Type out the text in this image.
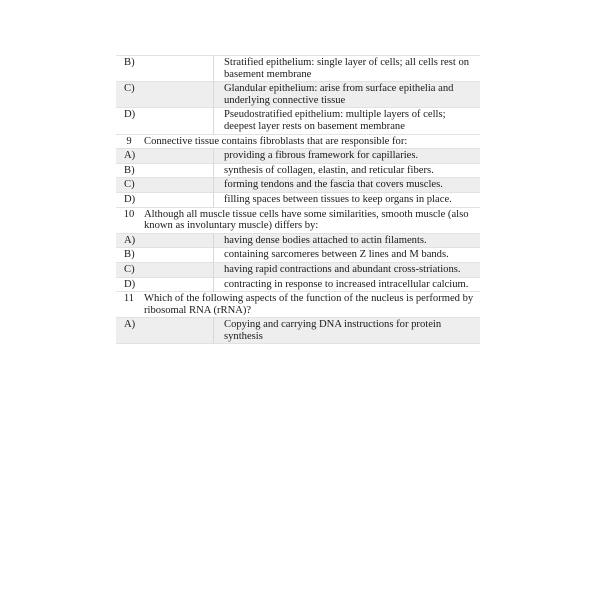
B)		Stratified epithelium: single layer of cells; all cells rest on basement membrane
C)		Glandular epithelium: arise from surface epithelia and underlying connective tissue
D)		Pseudostratified epithelium: multiple layers of cells; deepest layer rests on basement membrane
9	Connective tissue contains fibroblasts that are responsible for:	
A)		providing a fibrous framework for capillaries.
B)		synthesis of collagen, elastin, and reticular fibers.
C)		forming tendons and the fascia that covers muscles.
D)		filling spaces between tissues to keep organs in place.
10	Although all muscle tissue cells have some similarities, smooth muscle (also known as involuntary muscle) differs by:	
A)		having dense bodies attached to actin filaments.
B)		containing sarcomeres between Z lines and M bands.
C)		having rapid contractions and abundant cross-striations.
D)		contracting in response to increased intracellular calcium.
11	Which of the following aspects of the function of the nucleus is performed by ribosomal RNA (rRNA)?	
A)		Copying and carrying DNA instructions for protein synthesis
